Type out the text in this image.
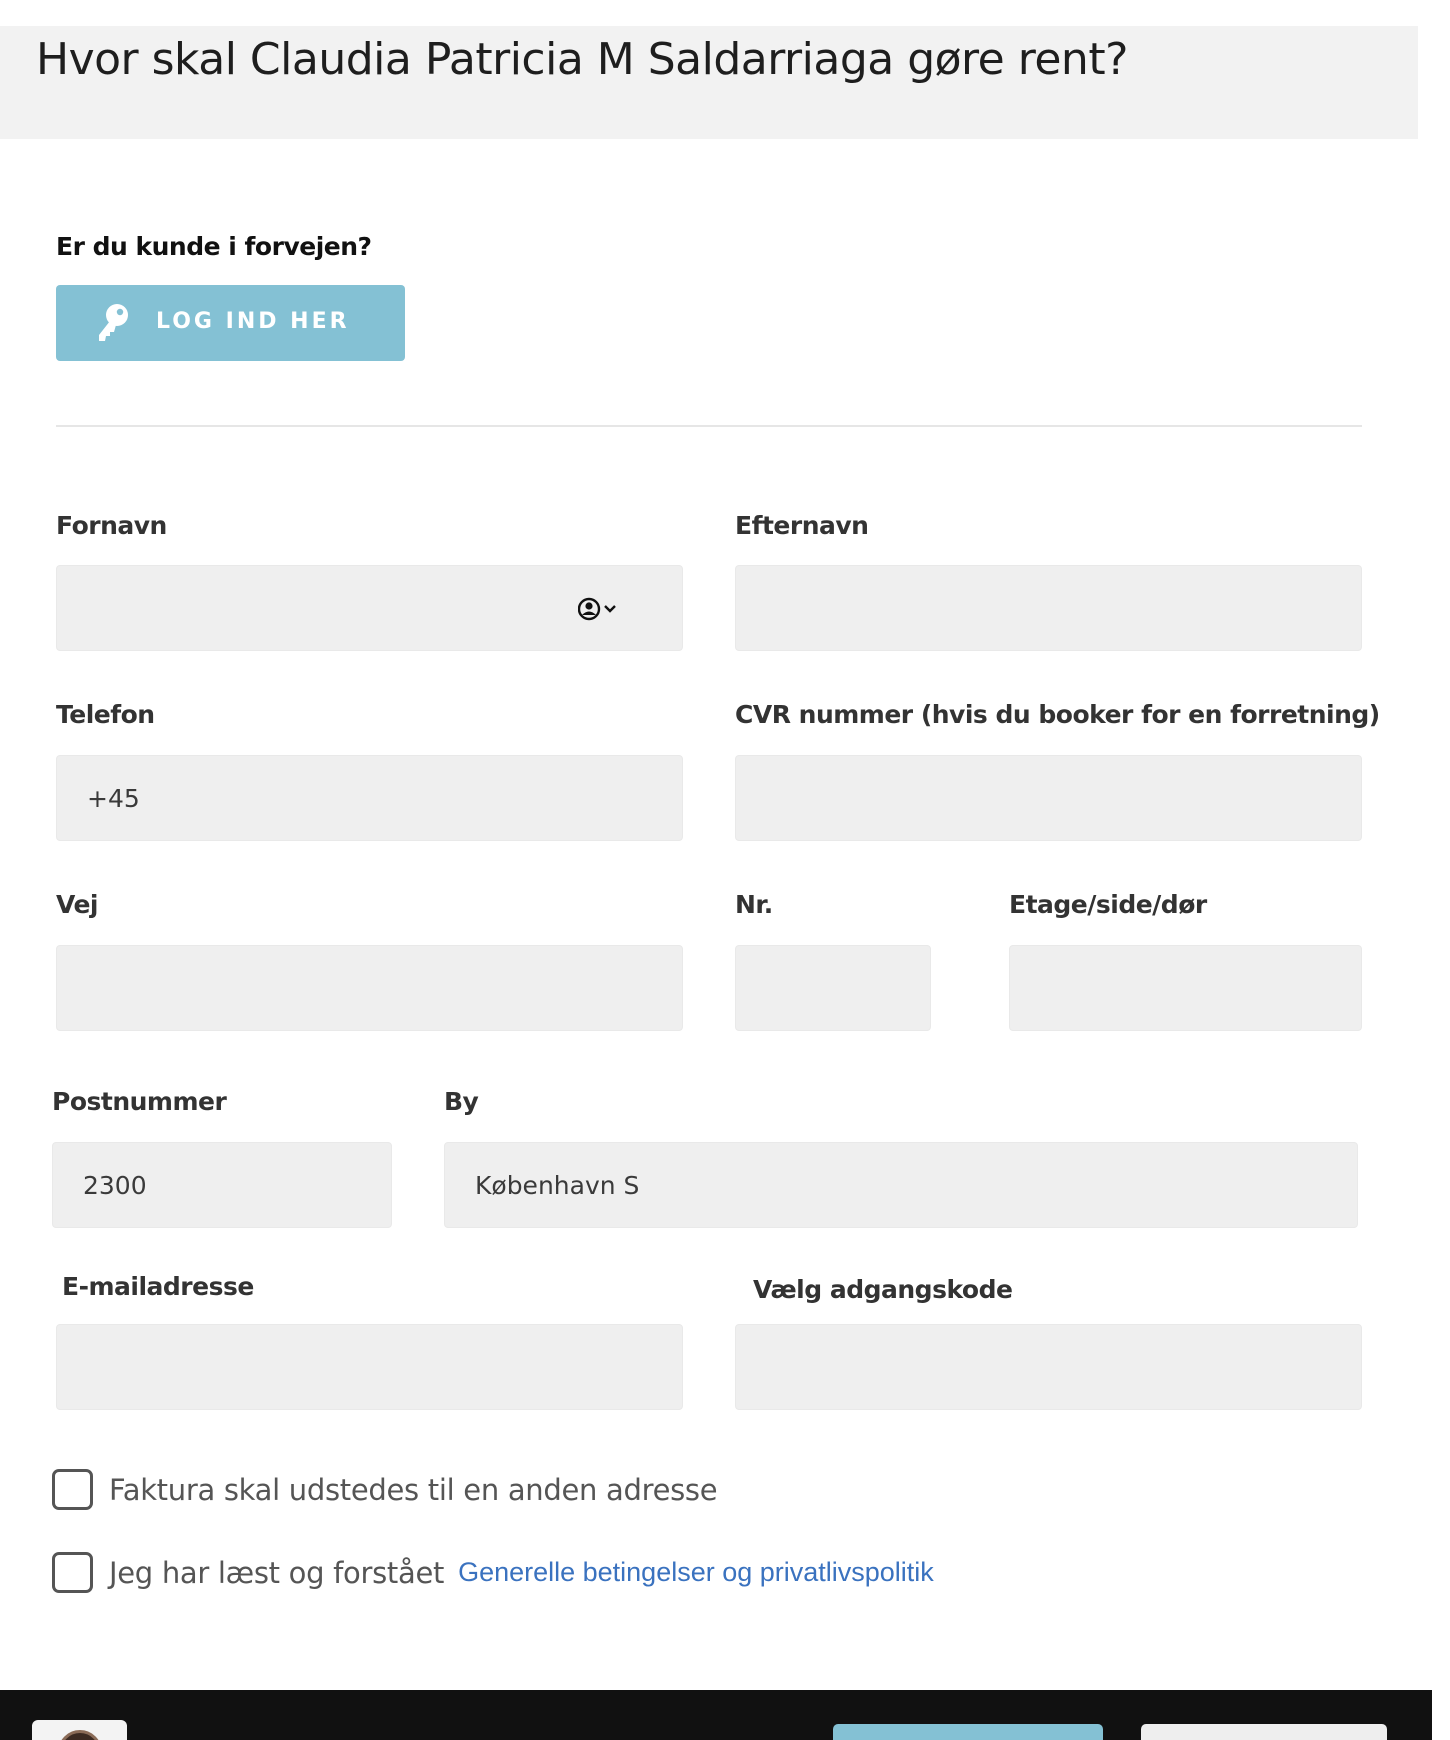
Hvor skal Claudia Patricia M Saldarriaga gøre rent?
Er du kunde i forvejen?
LOG IND HER
Fornavn	Efternavn
Telefon	CVR nummer (hvis du booker for en forretning)
+45
Vej	Nr.	Etage/side/dør
Postnummer	By
2300	København S
E-mailadresse	Vælg adgangskode
Faktura skal udstedes til en anden adresse
Jeg har læst og forstået Generelle betingelser og privatlivspolitik
